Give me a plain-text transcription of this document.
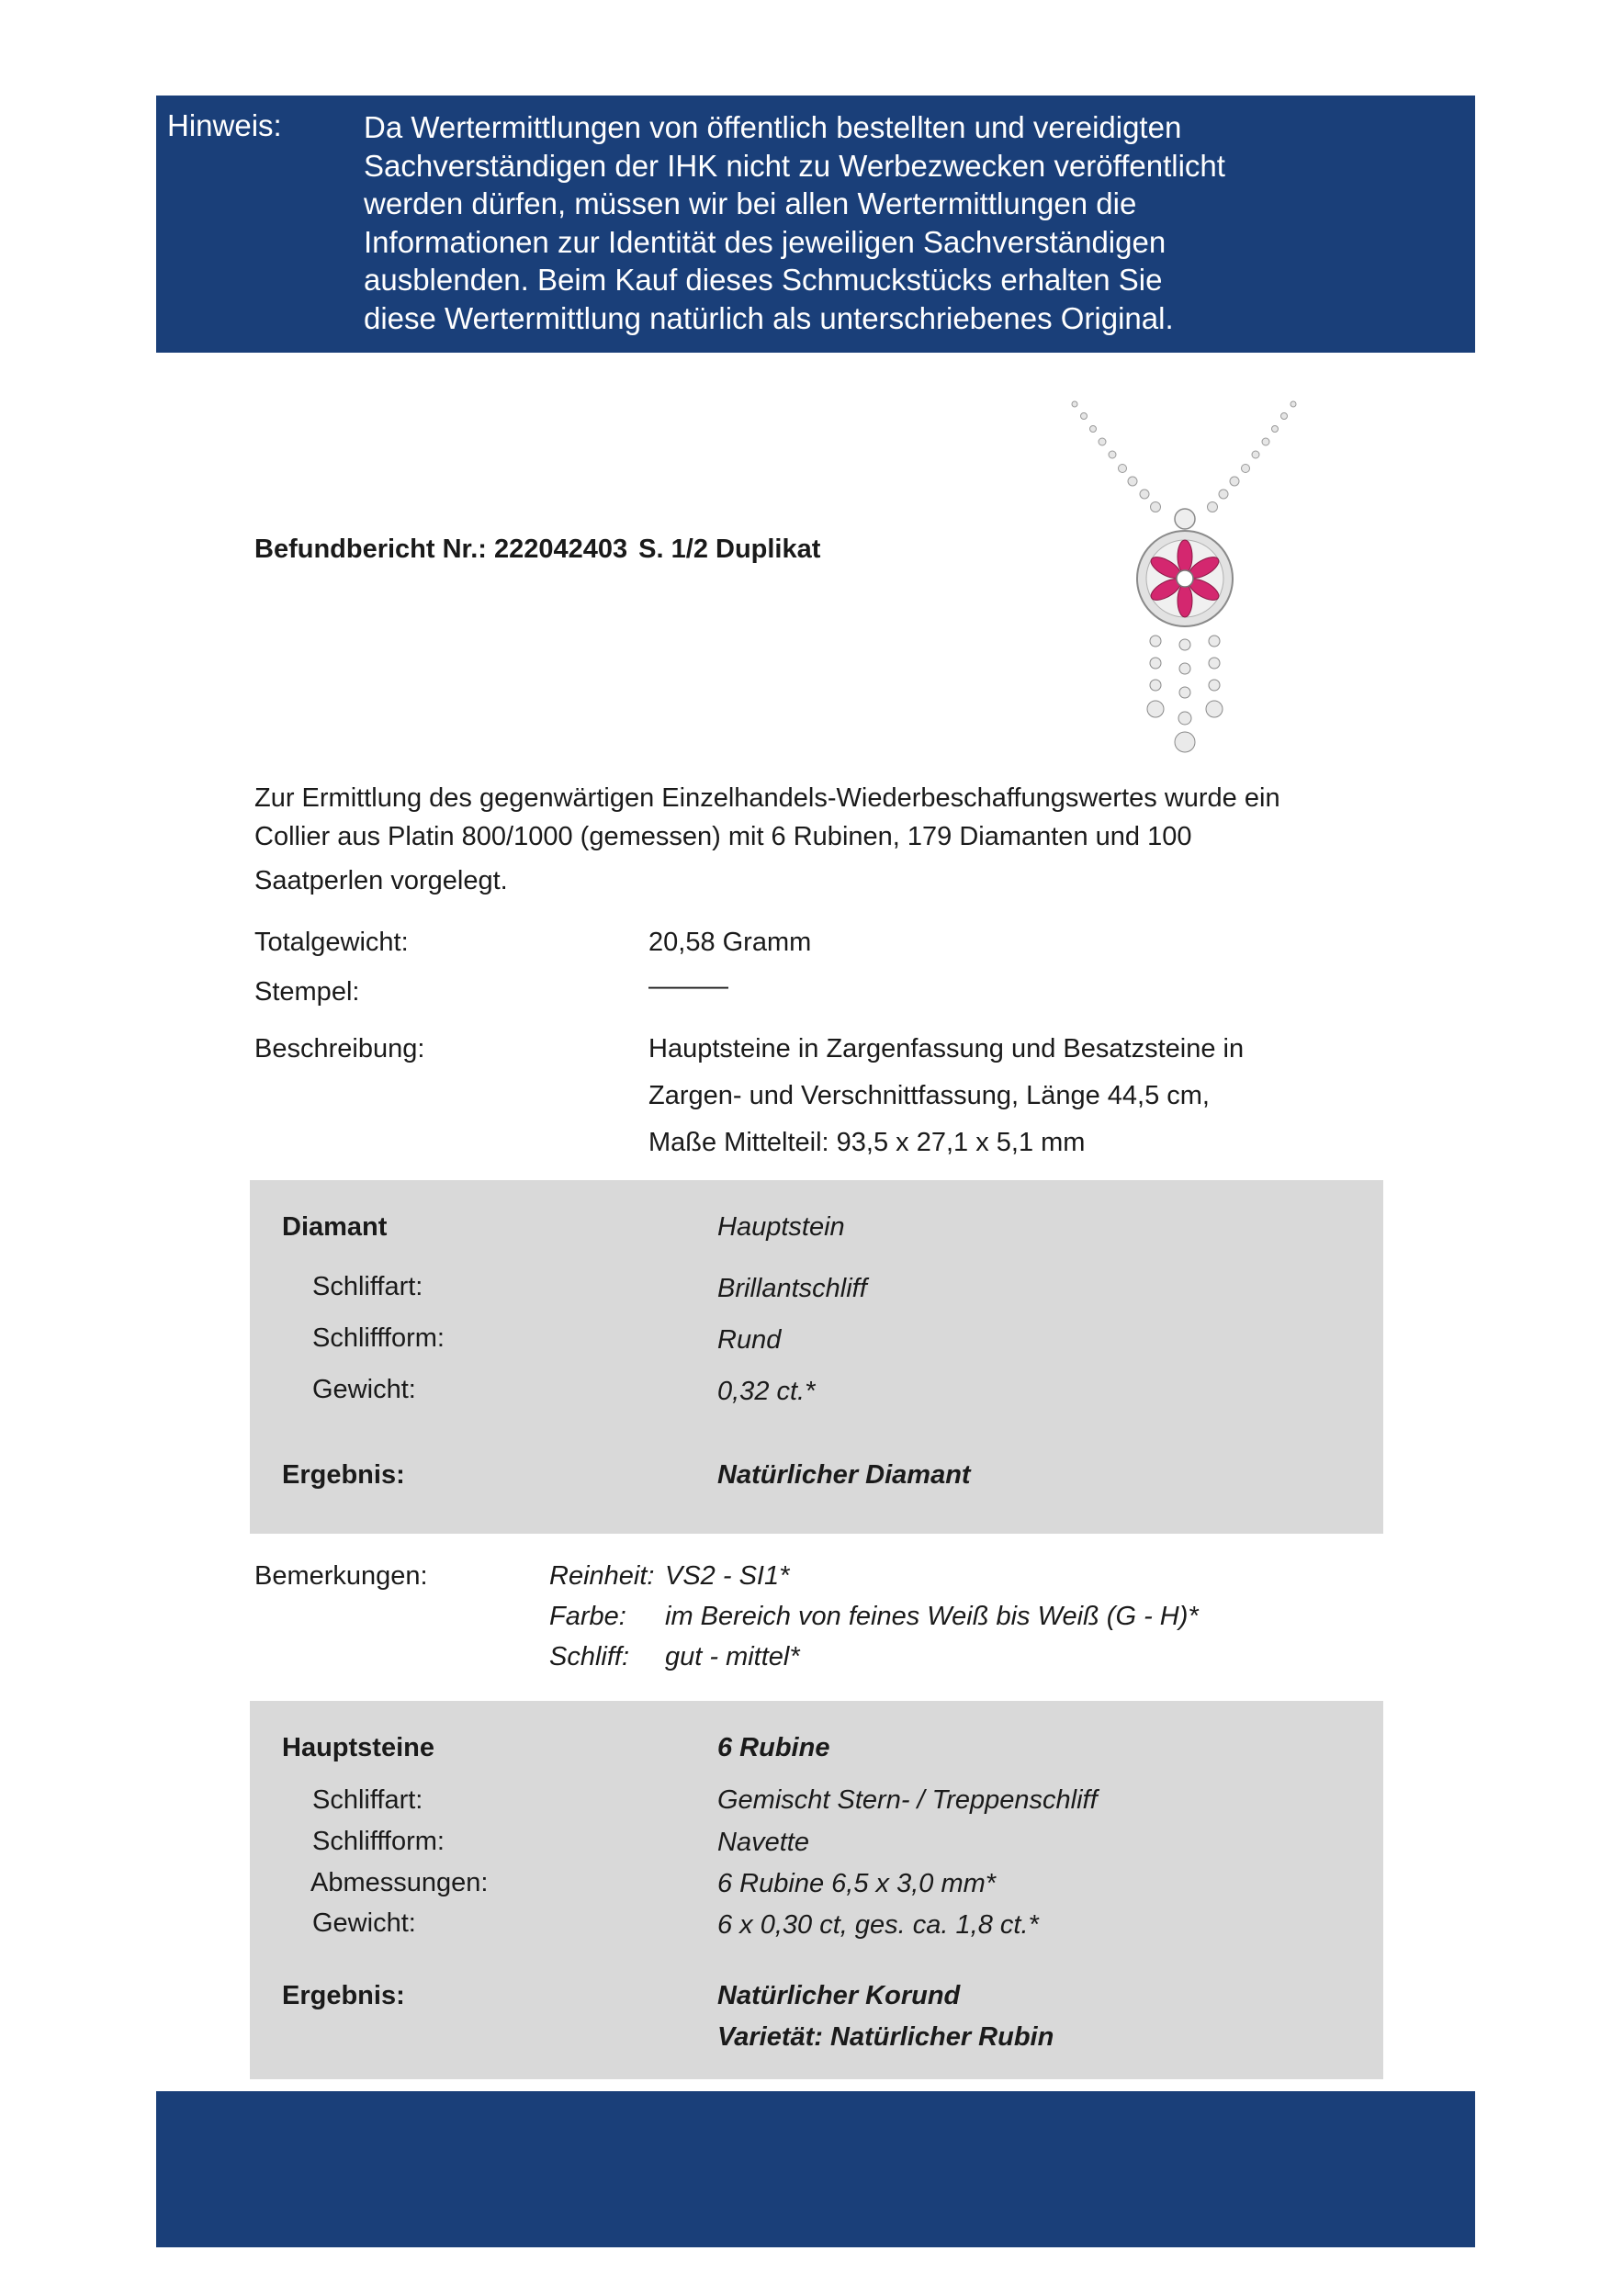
Hinweis:	Da Wertermittlungen von öffentlich bestellten und vereidigten
Sachverständigen der IHK nicht zu Werbezwecken veröffentlicht
werden dürfen, müssen wir bei allen Wertermittlungen die
Informationen zur Identität des jeweiligen Sachverständigen
ausblenden. Beim Kauf dieses Schmuckstücks erhalten Sie
diese Wertermittlung natürlich als unterschriebenes Original.
Befundbericht Nr.: 222042403 S. 1/2 Duplikat
Zur Ermittlung des gegenwärtigen Einzelhandels-Wiederbeschaffungswertes wurde ein
Collier aus Platin 800/1000 (gemessen) mit 6 Rubinen, 179 Diamanten und 100
Saatperlen vorgelegt.
Totalgewicht:	20,58 Gramm
Stempel:	———
Beschreibung:	Hauptsteine in Zargenfassung und Besatzsteine in
Zargen- und Verschnittfassung, Länge 44,5 cm,
Maße Mittelteil: 93,5 x 27,1 x 5,1 mm
Diamant	Hauptstein
Schliffart:	Brillantschliff
Schliffform:	Rund
Gewicht:	0,32 ct.*
Ergebnis:	Natürlicher Diamant
Bemerkungen:	Reinheit: VS2 - SI1*
Farbe: im Bereich von feines Weiß bis Weiß (G - H)*
Schliff: gut - mittel*
Hauptsteine	6 Rubine
Schliffart:	Gemischt Stern- / Treppenschliff
Schliffform:	Navette
Abmessungen:	6 Rubine 6,5 x 3,0 mm*
Gewicht:	6 x 0,30 ct, ges. ca. 1,8 ct.*
Ergebnis:	Natürlicher Korund
Varietät: Natürlicher Rubin
